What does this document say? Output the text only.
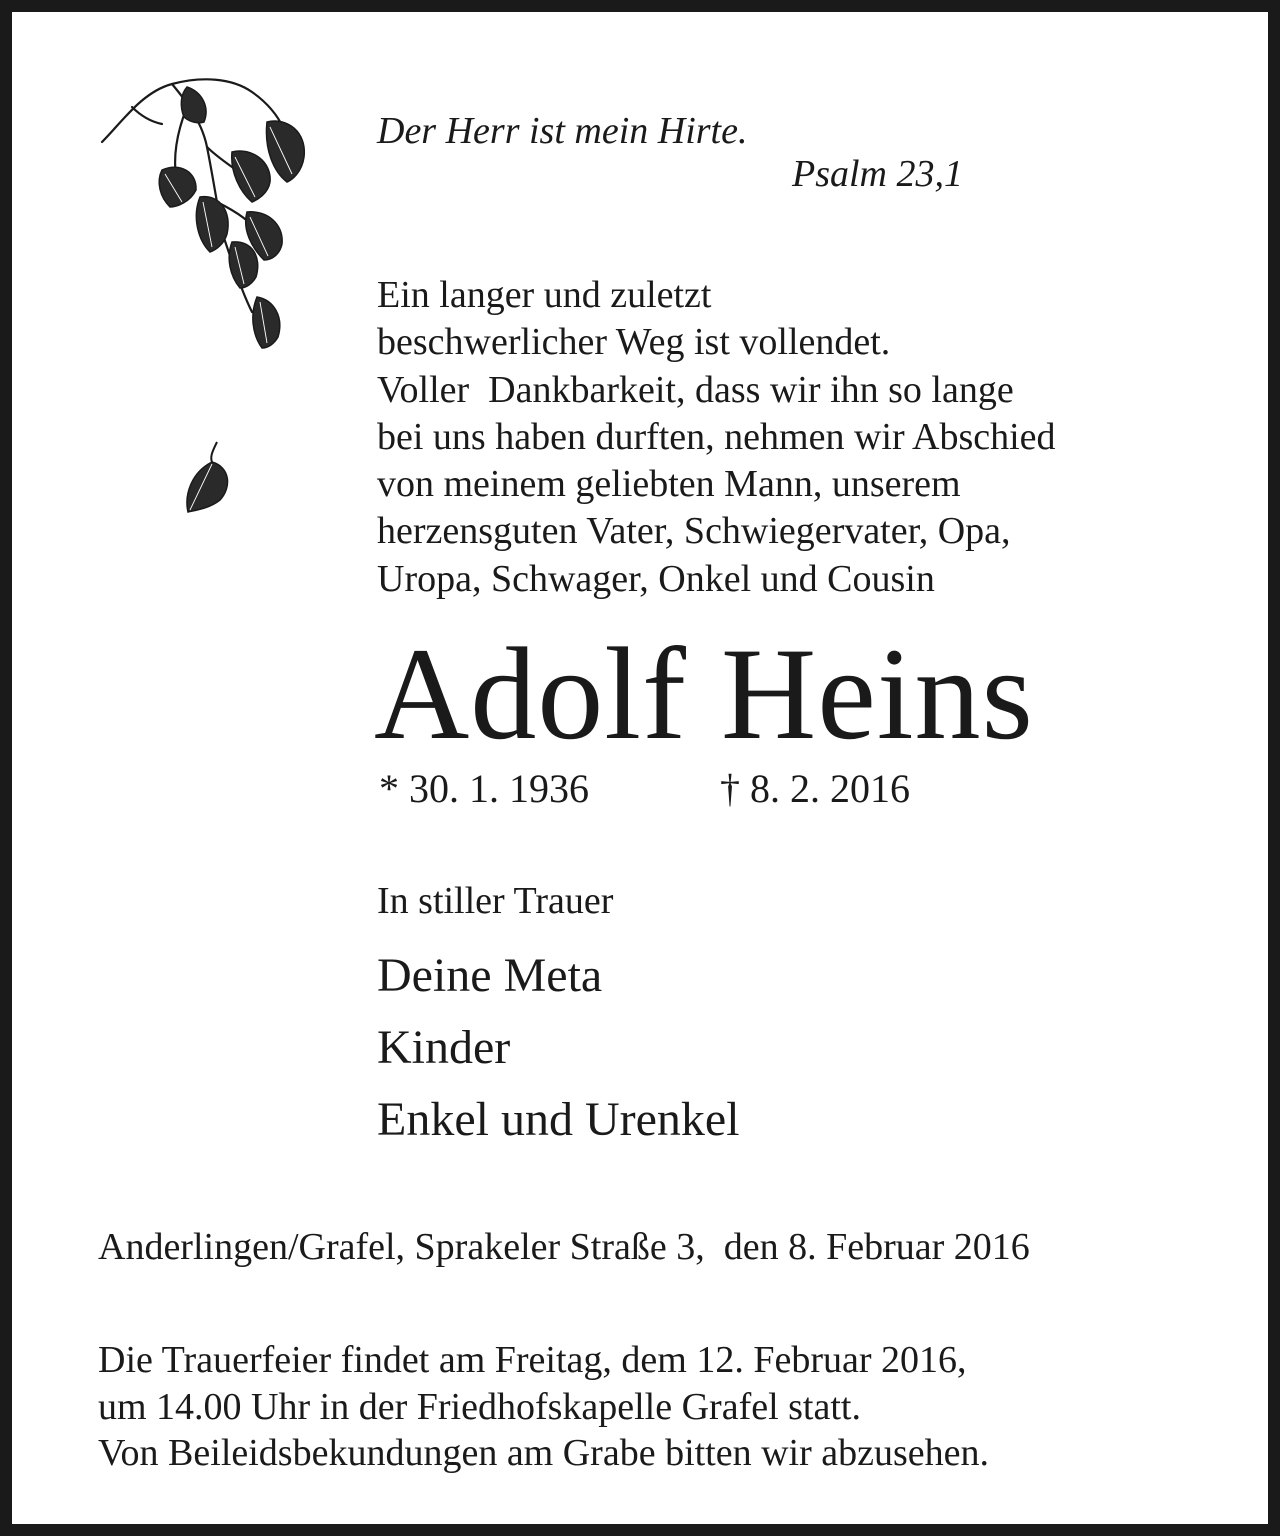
Der Herr ist mein Hirte.

Psalm 23,1

Ein langer und zuletzt
beschwerlicher Weg ist vollendet.
Voller  Dankbarkeit, dass wir ihn so lange
bei uns haben durften, nehmen wir Abschied
von meinem geliebten Mann, unserem
herzensguten Vater, Schwiegervater, Opa,
Uropa, Schwager, Onkel und Cousin
Adolf Heins

* 30. 1. 1936	† 8. 2. 2016

In stiller Trauer

Deine Meta

Kinder

Enkel und Urenkel

Anderlingen/Grafel, Sprakeler Straße 3,  den 8. Februar 2016

Die Trauerfeier findet am Freitag, dem 12. Februar 2016,
um 14.00 Uhr in der Friedhofskapelle Grafel statt.
Von Beileidsbekundungen am Grabe bitten wir abzusehen.
